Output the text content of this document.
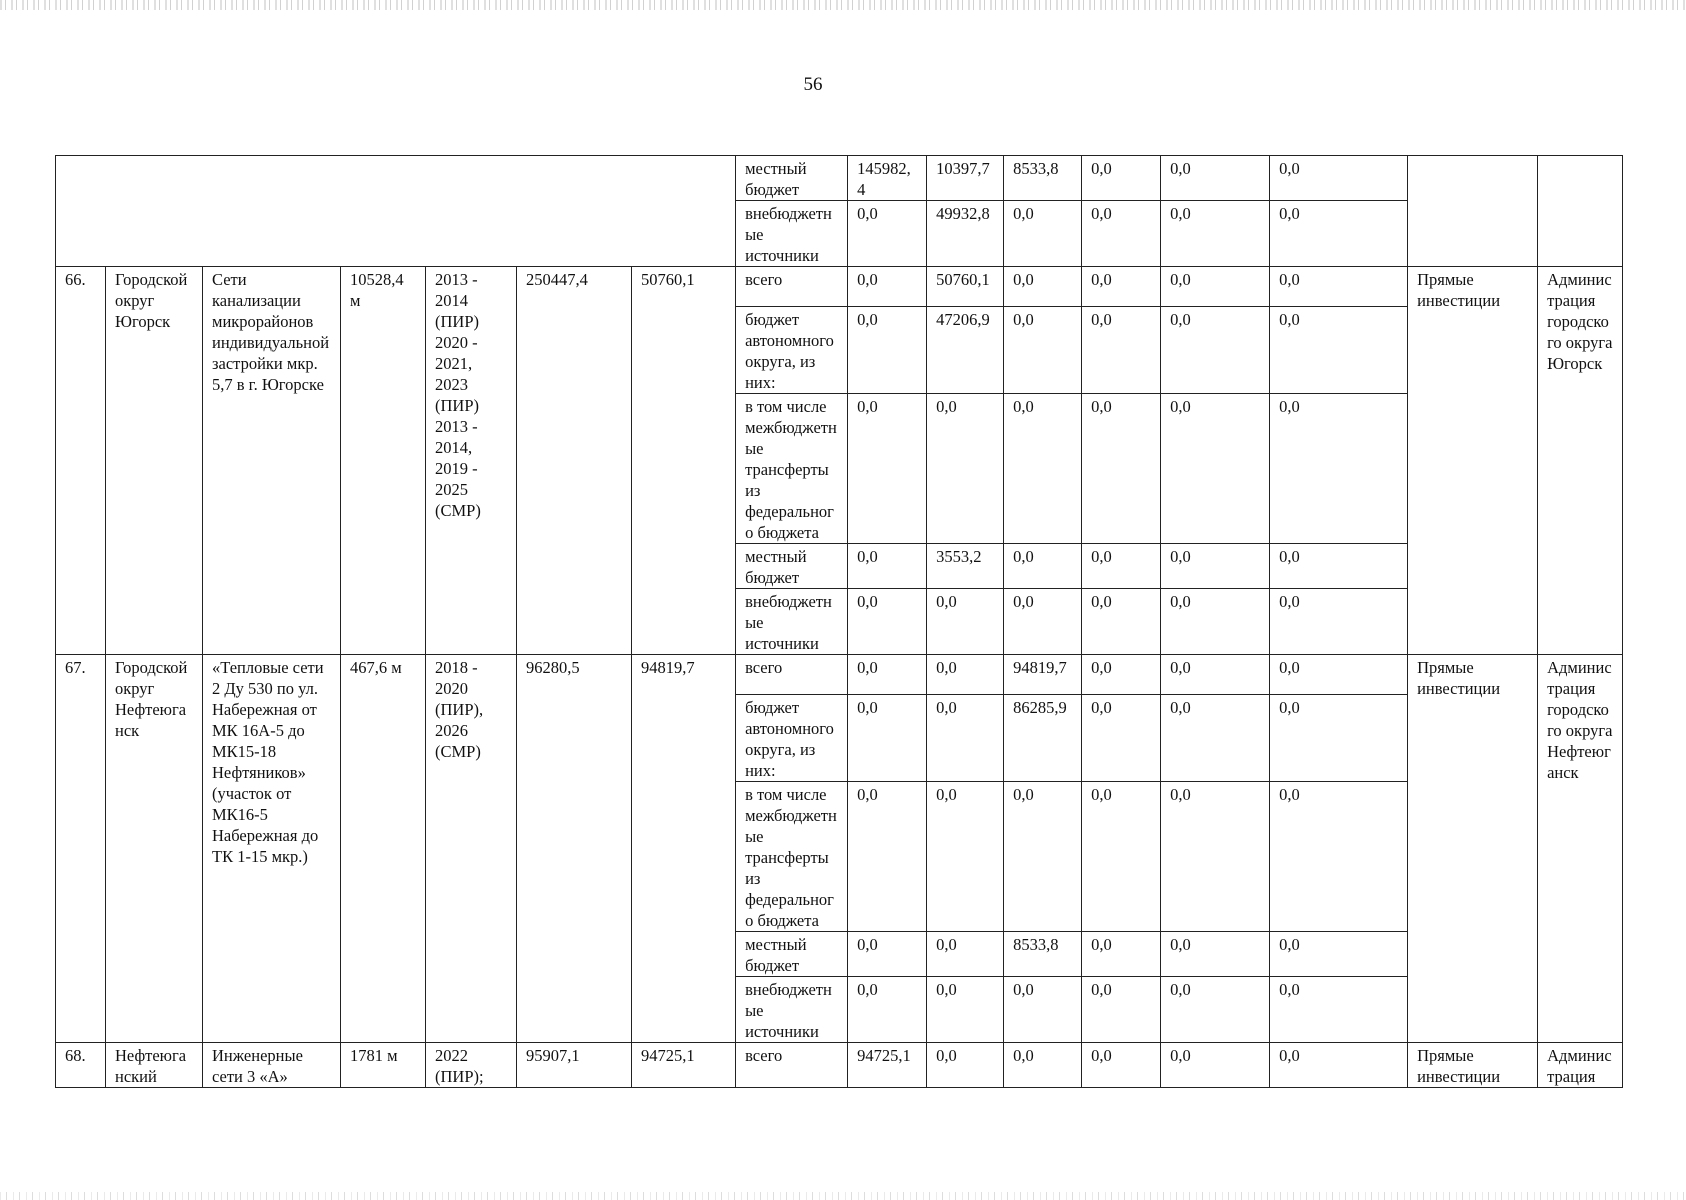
56
							местный бюджет	145982,4	10397,7	8533,8	0,0	0,0	0,0		
							внебюджетные источники	0,0	49932,8	0,0	0,0	0,0	0,0		
66.	Городской округ Югорск	Сети канализации микрорайонов индивидуальной застройки мкр. 5,7 в г. Югорске	10528,4 м	2013 - 2014 (ПИР) 2020 - 2021, 2023 (ПИР) 2013 - 2014, 2019 - 2025 (СМР)	250447,4	50760,1	всего	0,0	50760,1	0,0	0,0	0,0	0,0	Прямые инвестиции	Администрация городского округа Югорск
							бюджет автономного округа, из них:	0,0	47206,9	0,0	0,0	0,0	0,0		
							в том числе межбюджетные трансферты из федерального бюджета	0,0	0,0	0,0	0,0	0,0	0,0		
							местный бюджет	0,0	3553,2	0,0	0,0	0,0	0,0		
							внебюджетные источники	0,0	0,0	0,0	0,0	0,0	0,0		
67.	Городской округ Нефтеюганск	«Тепловые сети 2 Ду 530 по ул. Набережная от МК 16А-5 до МК15-18 Нефтяников» (участок от МК16-5 Набережная до ТК 1-15 мкр.)	467,6 м	2018 - 2020 (ПИР), 2026 (СМР)	96280,5	94819,7	всего	0,0	0,0	94819,7	0,0	0,0	0,0	Прямые инвестиции	Администрация городского округа Нефтеюганск
							бюджет автономного округа, из них:	0,0	0,0	86285,9	0,0	0,0	0,0		
							в том числе межбюджетные трансферты из федерального бюджета	0,0	0,0	0,0	0,0	0,0	0,0		
							местный бюджет	0,0	0,0	8533,8	0,0	0,0	0,0		
							внебюджетные источники	0,0	0,0	0,0	0,0	0,0	0,0		
68.	Нефтеюганский	Инженерные сети 3 «А»	1781 м	2022 (ПИР);	95907,1	94725,1	всего	94725,1	0,0	0,0	0,0	0,0	0,0	Прямые инвестиции	Администрация
